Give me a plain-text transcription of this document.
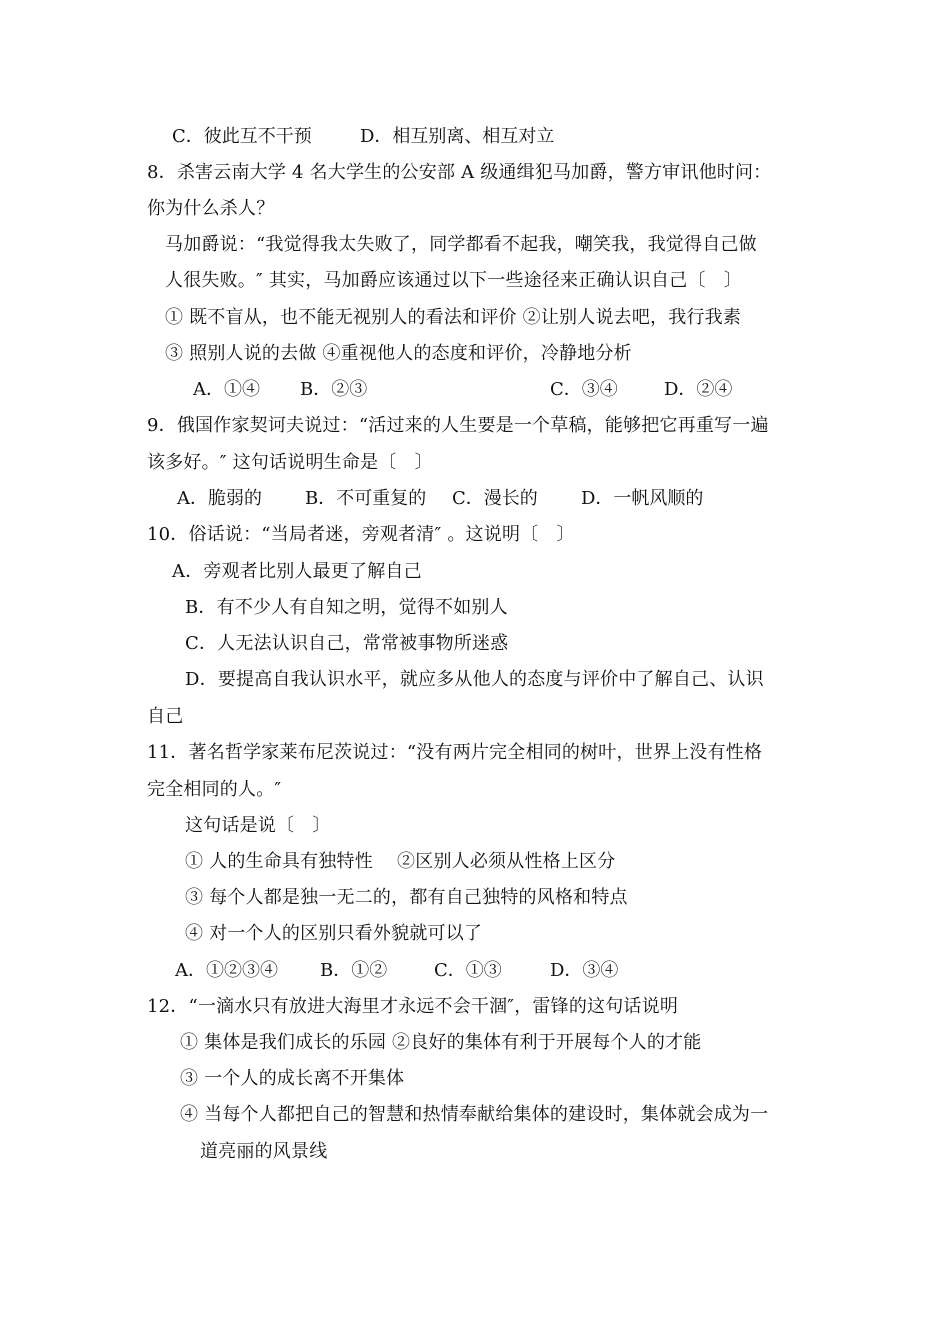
C．彼此互不干预	D．相互别离、相互对立
8．杀害云南大学 4 名大学生的公安部 A 级通缉犯马加爵，警方审讯他时问：
你为什么杀人？
马加爵说：“我觉得我太失败了，同学都看不起我，嘲笑我，我觉得自己做
人很失败。″ 其实，马加爵应该通过以下一些途径来正确认识自己〔　〕
① 既不盲从，也不能无视别人的看法和评价 ②让别人说去吧，我行我素
③ 照别人说的去做 ④重视他人的态度和评价，冷静地分析
A．①④ B．②③	C．③④	D．②④
9．俄国作家契诃夫说过：“活过来的人生要是一个草稿，能够把它再重写一遍
该多好。″ 这句话说明生命是〔　〕
A．脆弱的 B．不可重复的 C．漫长的 D．一帆风顺的
10．俗话说：“当局者迷，旁观者清″ 。这说明〔　〕
A．旁观者比别人最更了解自己
B．有不少人有自知之明，觉得不如别人
C．人无法认识自己，常常被事物所迷惑
D．要提高自我认识水平，就应多从他人的态度与评价中了解自己、认识
自己
11．著名哲学家莱布尼茨说过：“没有两片完全相同的树叶，世界上没有性格
完全相同的人。″
这句话是说〔　〕
① 人的生命具有独特性　 ②区别人必须从性格上区分
③ 每个人都是独一无二的，都有自己独特的风格和特点
④ 对一个人的区别只看外貌就可以了
A．①②③④ B．①②	C．①③	D．③④
12．“一滴水只有放进大海里才永远不会干涸″，雷锋的这句话说明
① 集体是我们成长的乐园 ②良好的集体有利于开展每个人的才能
③ 一个人的成长离不开集体
④ 当每个人都把自己的智慧和热情奉献给集体的建设时，集体就会成为一
道亮丽的风景线
